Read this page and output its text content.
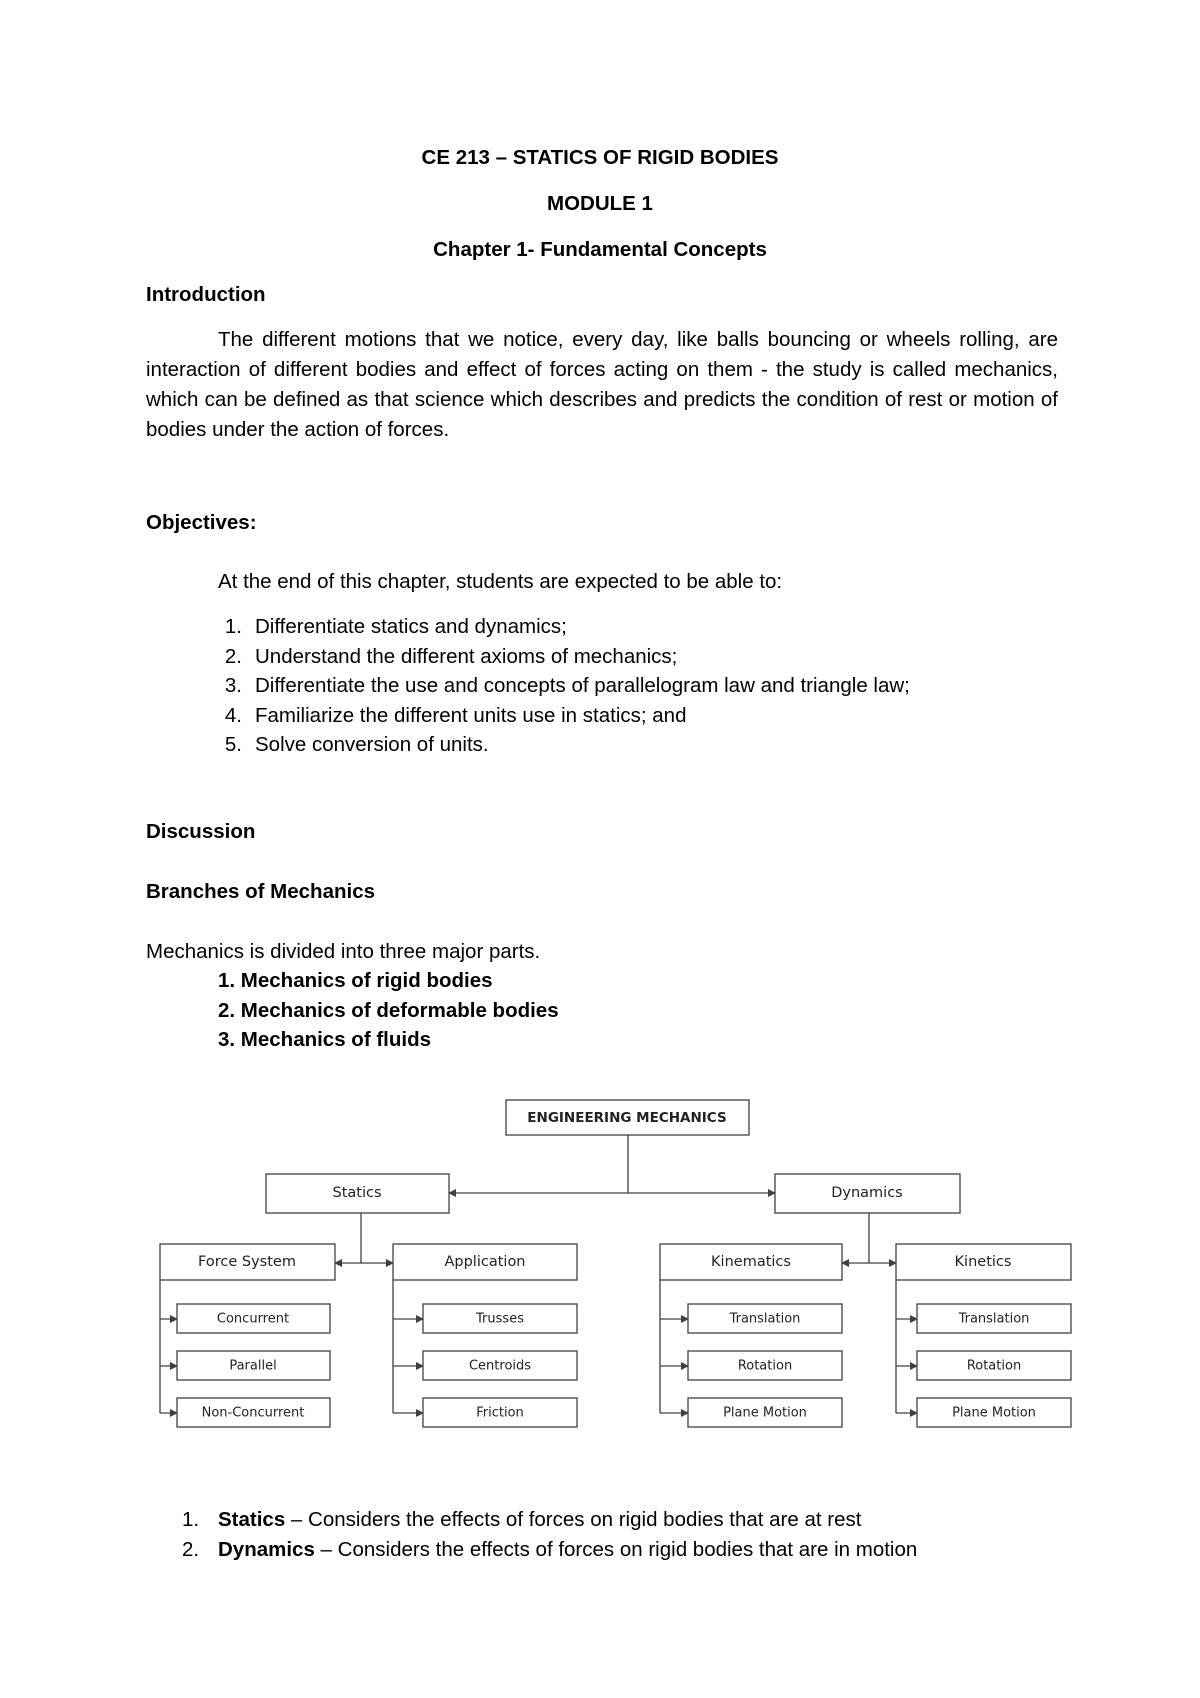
CE 213 – STATICS OF RIGID BODIES
MODULE 1
Chapter 1- Fundamental Concepts
Introduction

The different motions that we notice, every day, like balls bouncing or wheels rolling, are interaction of different bodies and effect of forces acting on them - the study is called mechanics, which can be defined as that science which describes and predicts the condition of rest or motion of bodies under the action of forces.

Objectives:
At the end of this chapter, students are expected to be able to:
1. Differentiate statics and dynamics;
2. Understand the different axioms of mechanics;
3. Differentiate the use and concepts of parallelogram law and triangle law;
4. Familiarize the different units use in statics; and
5. Solve conversion of units.
Discussion
Branches of Mechanics
Mechanics is divided into three major parts.
1. Mechanics of rigid bodies
2. Mechanics of deformable bodies
3. Mechanics of fluids
ENGINEERING MECHANICS
Statics	Dynamics
Force System	Application	Kinematics	Kinetics
Concurrent
Parallel
Non-Concurrent
Trusses
Centroids
Friction
Translation
Rotation
Plane Motion
Translation
Rotation
Plane Motion
1. Statics – Considers the effects of forces on rigid bodies that are at rest
2. Dynamics – Considers the effects of forces on rigid bodies that are in motion
